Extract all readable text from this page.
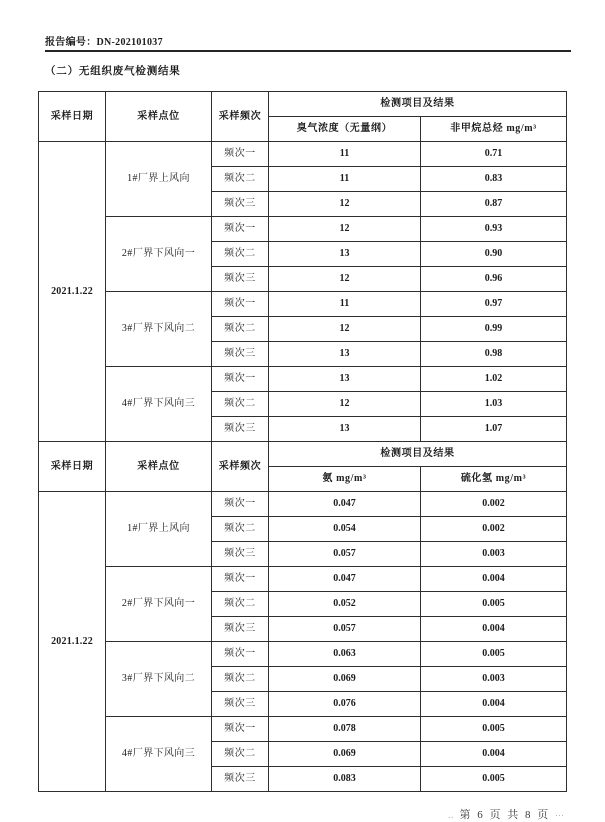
报告编号：DN-202101037
（二）无组织废气检测结果
采样日期	采样点位	采样频次	检测项目及结果	
			臭气浓度（无量纲）	非甲烷总烃 mg/m³
2021.1.22	1#厂界上风向	频次一	11	0.71
		频次二	11	0.83
		频次三	12	0.87
	2#厂界下风向一	频次一	12	0.93
		频次二	13	0.90
		频次三	12	0.96
	3#厂界下风向二	频次一	11	0.97
		频次二	12	0.99
		频次三	13	0.98
	4#厂界下风向三	频次一	13	1.02
		频次二	12	1.03
		频次三	13	1.07
采样日期	采样点位	采样频次	检测项目及结果	
			氨 mg/m³	硫化氢 mg/m³
2021.1.22	1#厂界上风向	频次一	0.047	0.002
		频次二	0.054	0.002
		频次三	0.057	0.003
	2#厂界下风向一	频次一	0.047	0.004
		频次二	0.052	0.005
		频次三	0.057	0.004
	3#厂界下风向二	频次一	0.063	0.005
		频次二	0.069	0.003
		频次三	0.076	0.004
	4#厂界下风向三	频次一	0.078	0.005
		频次二	0.069	0.004
		频次三	0.083	0.005
‥ 第 6 页 共 8 页 ⋯
